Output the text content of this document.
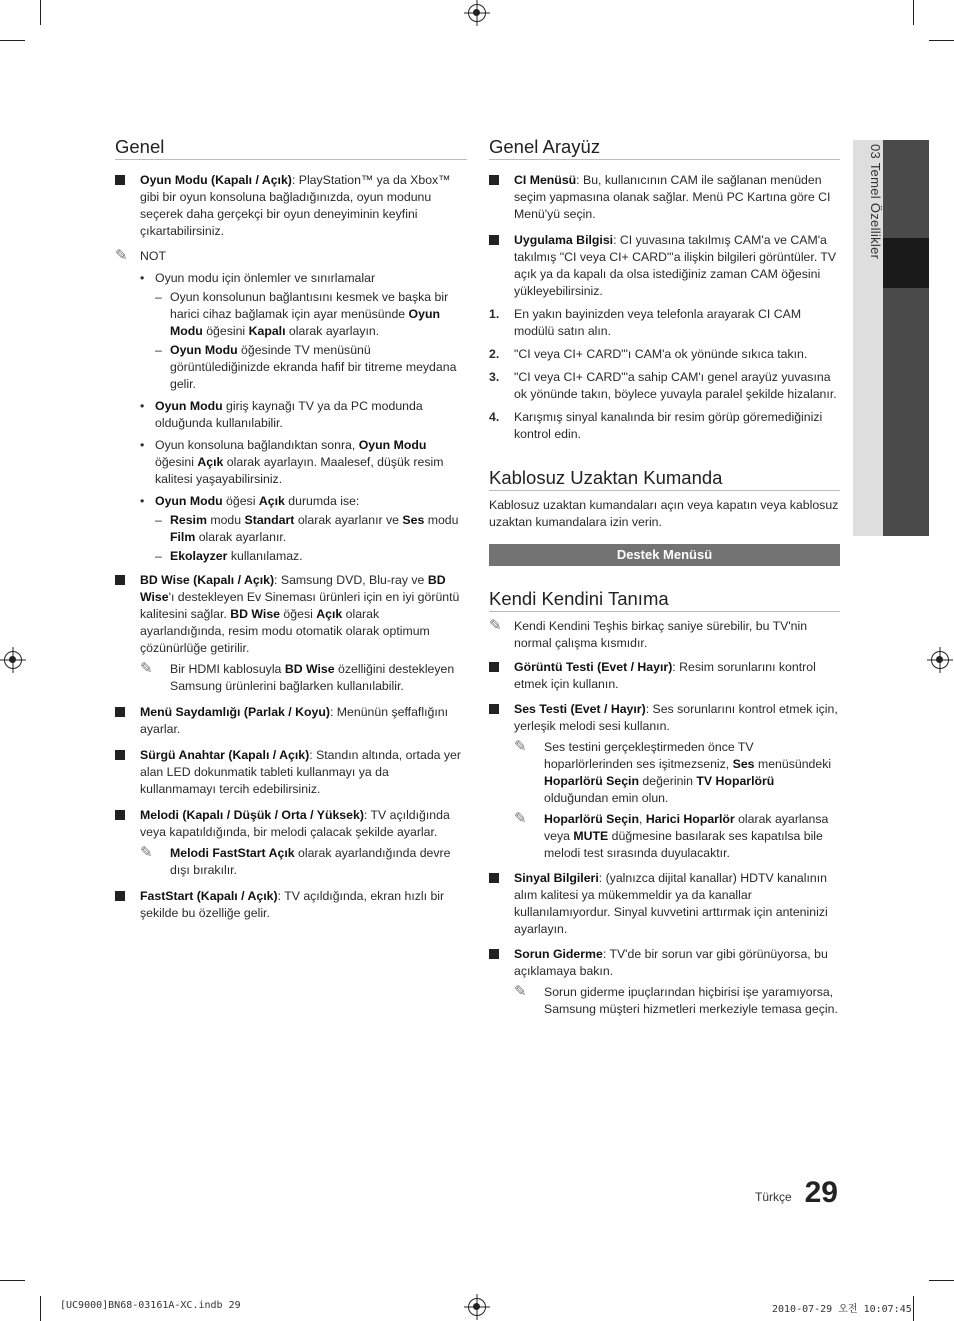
03 Temel Özellikler
Genel
Oyun Modu (Kapalı / Açık): PlayStation™ ya da Xbox™ gibi bir oyun konsoluna bağladığınızda, oyun modunu seçerek daha gerçekçi bir oyun deneyiminin keyfini çıkartabilirsiniz.
✎ NOT
• Oyun modu için önlemler ve sınırlamalar
– Oyun konsolunun bağlantısını kesmek ve başka bir harici cihaz bağlamak için ayar menüsünde Oyun Modu öğesini Kapalı olarak ayarlayın.
– Oyun Modu öğesinde TV menüsünü görüntülediğinizde ekranda hafif bir titreme meydana gelir.
• Oyun Modu giriş kaynağı TV ya da PC modunda olduğunda kullanılabilir.
• Oyun konsoluna bağlandıktan sonra, Oyun Modu öğesini Açık olarak ayarlayın. Maalesef, düşük resim kalitesi yaşayabilirsiniz.
• Oyun Modu öğesi Açık durumda ise:
– Resim modu Standart olarak ayarlanır ve Ses modu Film olarak ayarlanır.
– Ekolayzer kullanılamaz.
BD Wise (Kapalı / Açık): Samsung DVD, Blu-ray ve BD Wise'ı destekleyen Ev Sineması ürünleri için en iyi görüntü kalitesini sağlar. BD Wise öğesi Açık olarak ayarlandığında, resim modu otomatik olarak optimum çözünürlüğe getirilir.
✎ Bir HDMI kablosuyla BD Wise özelliğini destekleyen Samsung ürünlerini bağlarken kullanılabilir.
Menü Saydamlığı (Parlak / Koyu): Menünün şeffaflığını ayarlar.
Sürgü Anahtar (Kapalı / Açık): Standın altında, ortada yer alan LED dokunmatik tableti kullanmayı ya da kullanmamayı tercih edebilirsiniz.
Melodi (Kapalı / Düşük / Orta / Yüksek): TV açıldığında veya kapatıldığında, bir melodi çalacak şekilde ayarlar.
✎ Melodi FastStart Açık olarak ayarlandığında devre dışı bırakılır.
FastStart (Kapalı / Açık): TV açıldığında, ekran hızlı bir şekilde bu özelliğe gelir.
Genel Arayüz
CI Menüsü: Bu, kullanıcının CAM ile sağlanan menüden seçim yapmasına olanak sağlar. Menü PC Kartına göre CI Menü'yü seçin.
Uygulama Bilgisi: CI yuvasına takılmış CAM'a ve CAM'a takılmış "CI veya CI+ CARD"'a ilişkin bilgileri görüntüler. TV açık ya da kapalı da olsa istediğiniz zaman CAM öğesini yükleyebilirsiniz.
1. En yakın bayinizden veya telefonla arayarak CI CAM modülü satın alın.
2. "CI veya CI+ CARD"'ı CAM'a ok yönünde sıkıca takın.
3. "CI veya CI+ CARD"'a sahip CAM'ı genel arayüz yuvasına ok yönünde takın, böylece yuvayla paralel şekilde hizalanır.
4. Karışmış sinyal kanalında bir resim görüp göremediğinizi kontrol edin.
Kablosuz Uzaktan Kumanda

Kablosuz uzaktan kumandaları açın veya kapatın veya kablosuz uzaktan kumandalara izin verin.

Destek Menüsü
Kendi Kendini Tanıma
✎ Kendi Kendini Teşhis birkaç saniye sürebilir, bu TV'nin normal çalışma kısmıdır.
Görüntü Testi (Evet / Hayır): Resim sorunlarını kontrol etmek için kullanın.
Ses Testi (Evet / Hayır): Ses sorunlarını kontrol etmek için, yerleşik melodi sesi kullanın.
✎ Ses testini gerçekleştirmeden önce TV hoparlörlerinden ses işitmezseniz, Ses menüsündeki Hoparlörü Seçin değerinin TV Hoparlörü olduğundan emin olun.
✎ Hoparlörü Seçin, Harici Hoparlör olarak ayarlansa veya MUTE düğmesine basılarak ses kapatılsa bile melodi test sırasında duyulacaktır.
Sinyal Bilgileri: (yalnızca dijital kanallar) HDTV kanalının alım kalitesi ya mükemmeldir ya da kanallar kullanılamıyordur. Sinyal kuvvetini arttırmak için anteninizi ayarlayın.
Sorun Giderme: TV'de bir sorun var gibi görünüyorsa, bu açıklamaya bakın.
✎ Sorun giderme ipuçlarından hiçbirisi işe yaramıyorsa, Samsung müşteri hizmetleri merkeziyle temasa geçin.
Türkçe 29
[UC9000]BN68-03161A-XC.indb 29	2010-07-29 오전 10:07:45
